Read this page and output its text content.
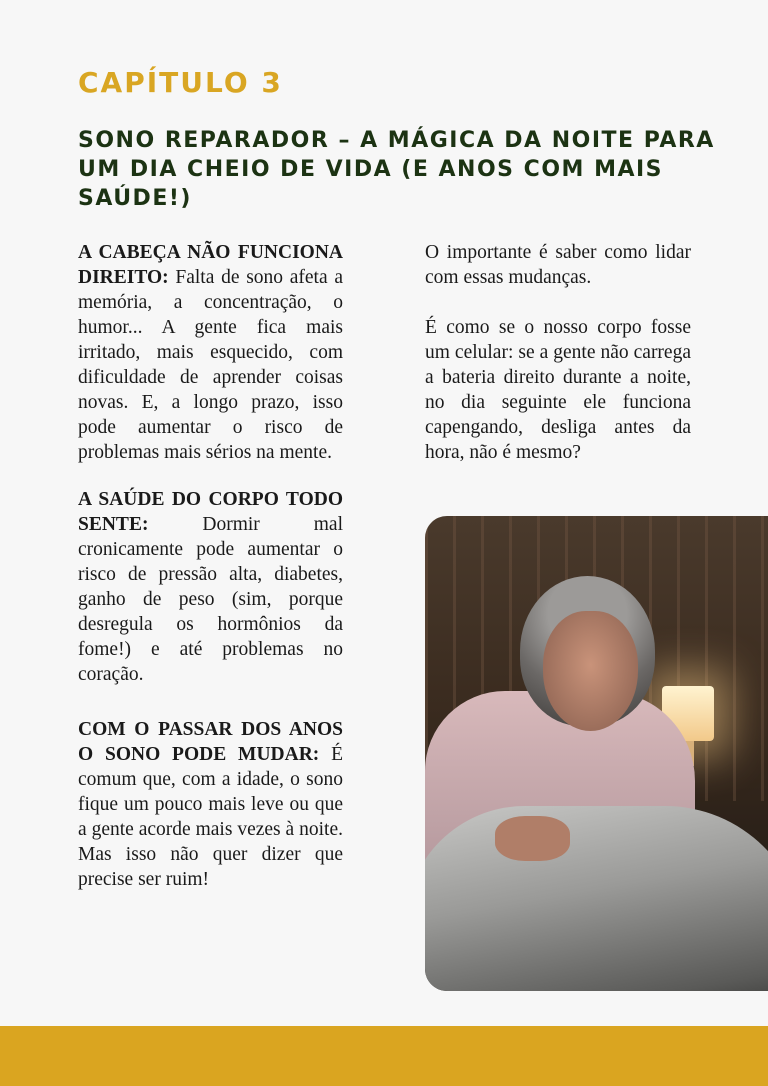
CAPÍTULO 3
SONO REPARADOR – A MÁGICA DA NOITE PARA UM DIA CHEIO DE VIDA (E ANOS COM MAIS SAÚDE!)

A CABEÇA NÃO FUNCIONA DIREITO: Falta de sono afeta a memória, a concentração, o humor... A gente fica mais irritado, mais esquecido, com dificuldade de aprender coisas novas. E, a longo prazo, isso pode aumentar o risco de problemas mais sérios na mente.

A SAÚDE DO CORPO TODO SENTE: Dormir mal cronicamente pode aumentar o risco de pressão alta, diabetes, ganho de peso (sim, porque desregula os hormônios da fome!) e até problemas no coração.

COM O PASSAR DOS ANOS O SONO PODE MUDAR: É comum que, com a idade, o sono fique um pouco mais leve ou que a gente acorde mais vezes à noite. Mas isso não quer dizer que precise ser ruim!

O importante é saber como lidar com essas mudanças.

É como se o nosso corpo fosse um celular: se a gente não carrega a bateria direito durante a noite, no dia seguinte ele funciona capengando, desliga antes da hora, não é mesmo?
